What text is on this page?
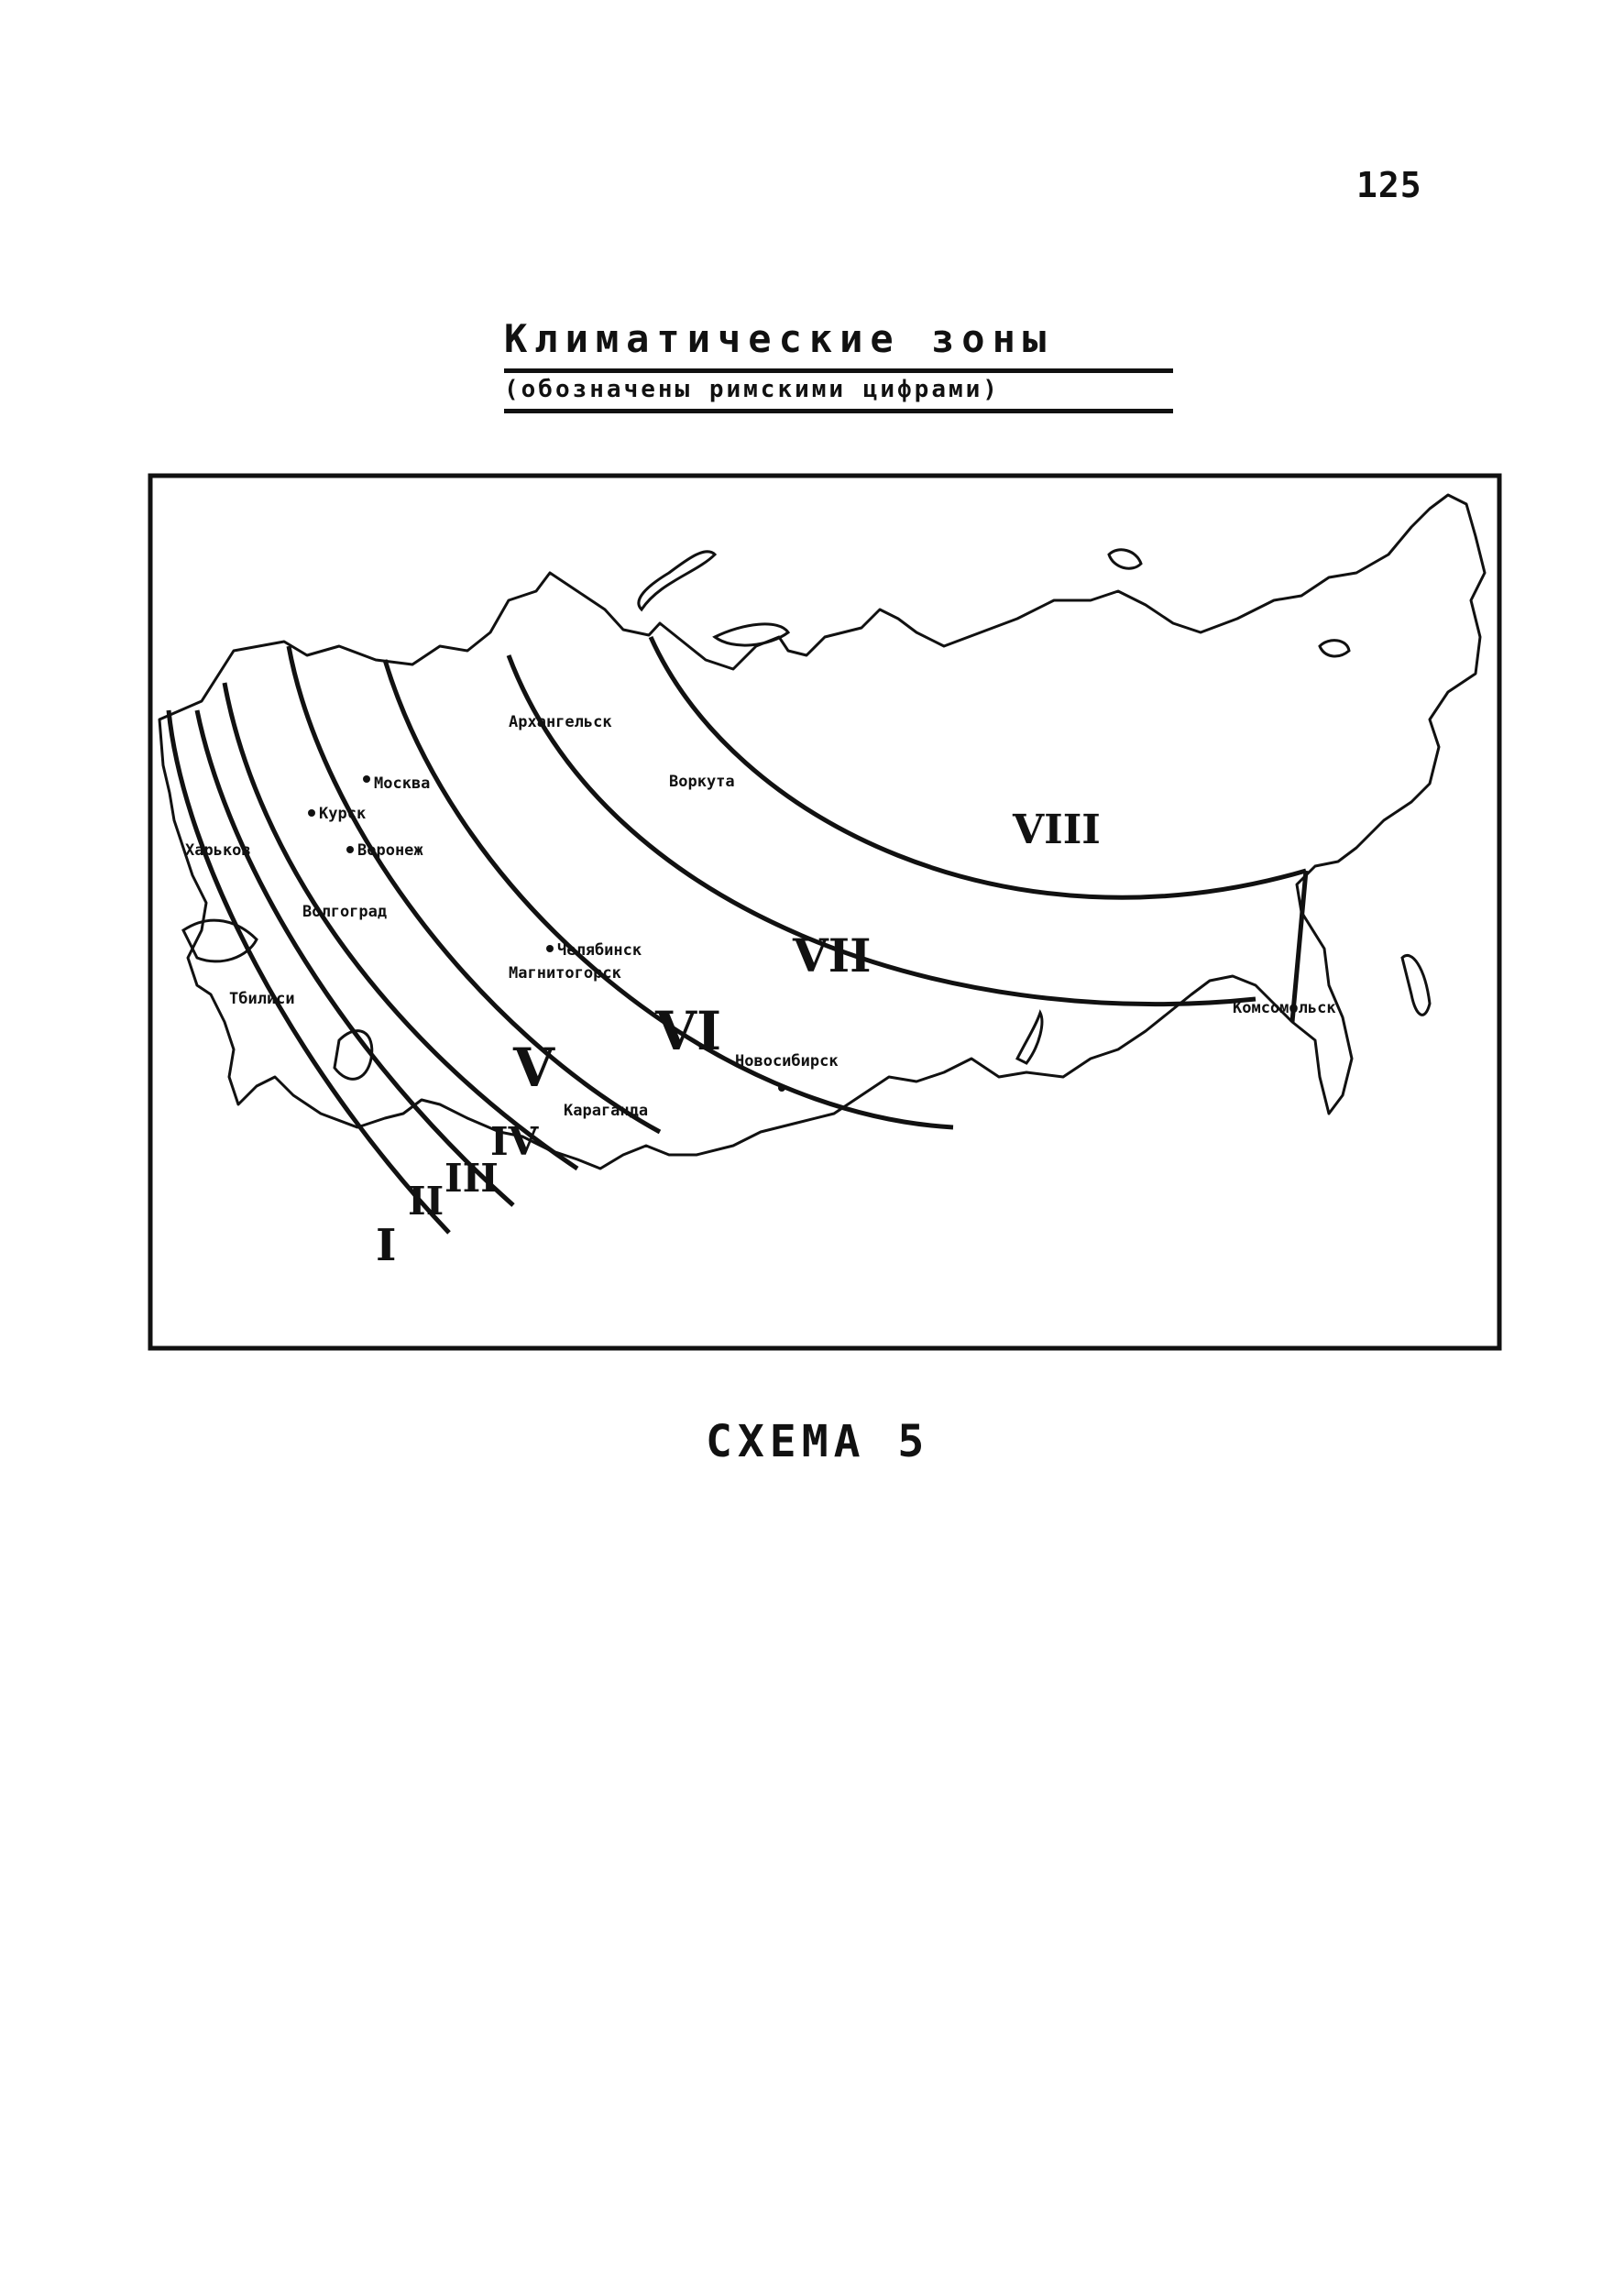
125
Климатические зоны
(обозначены римскими цифрами)
I
II
III
IV
V
VI
VII
VIII
Москва
Курск
Воронеж
Харьков
Волгоград
Архангельск
Воркута
Челябинск
Магнитогорск
Новосибирск
Караганда
Тбилиси	Комсомольск
СХЕМА 5
